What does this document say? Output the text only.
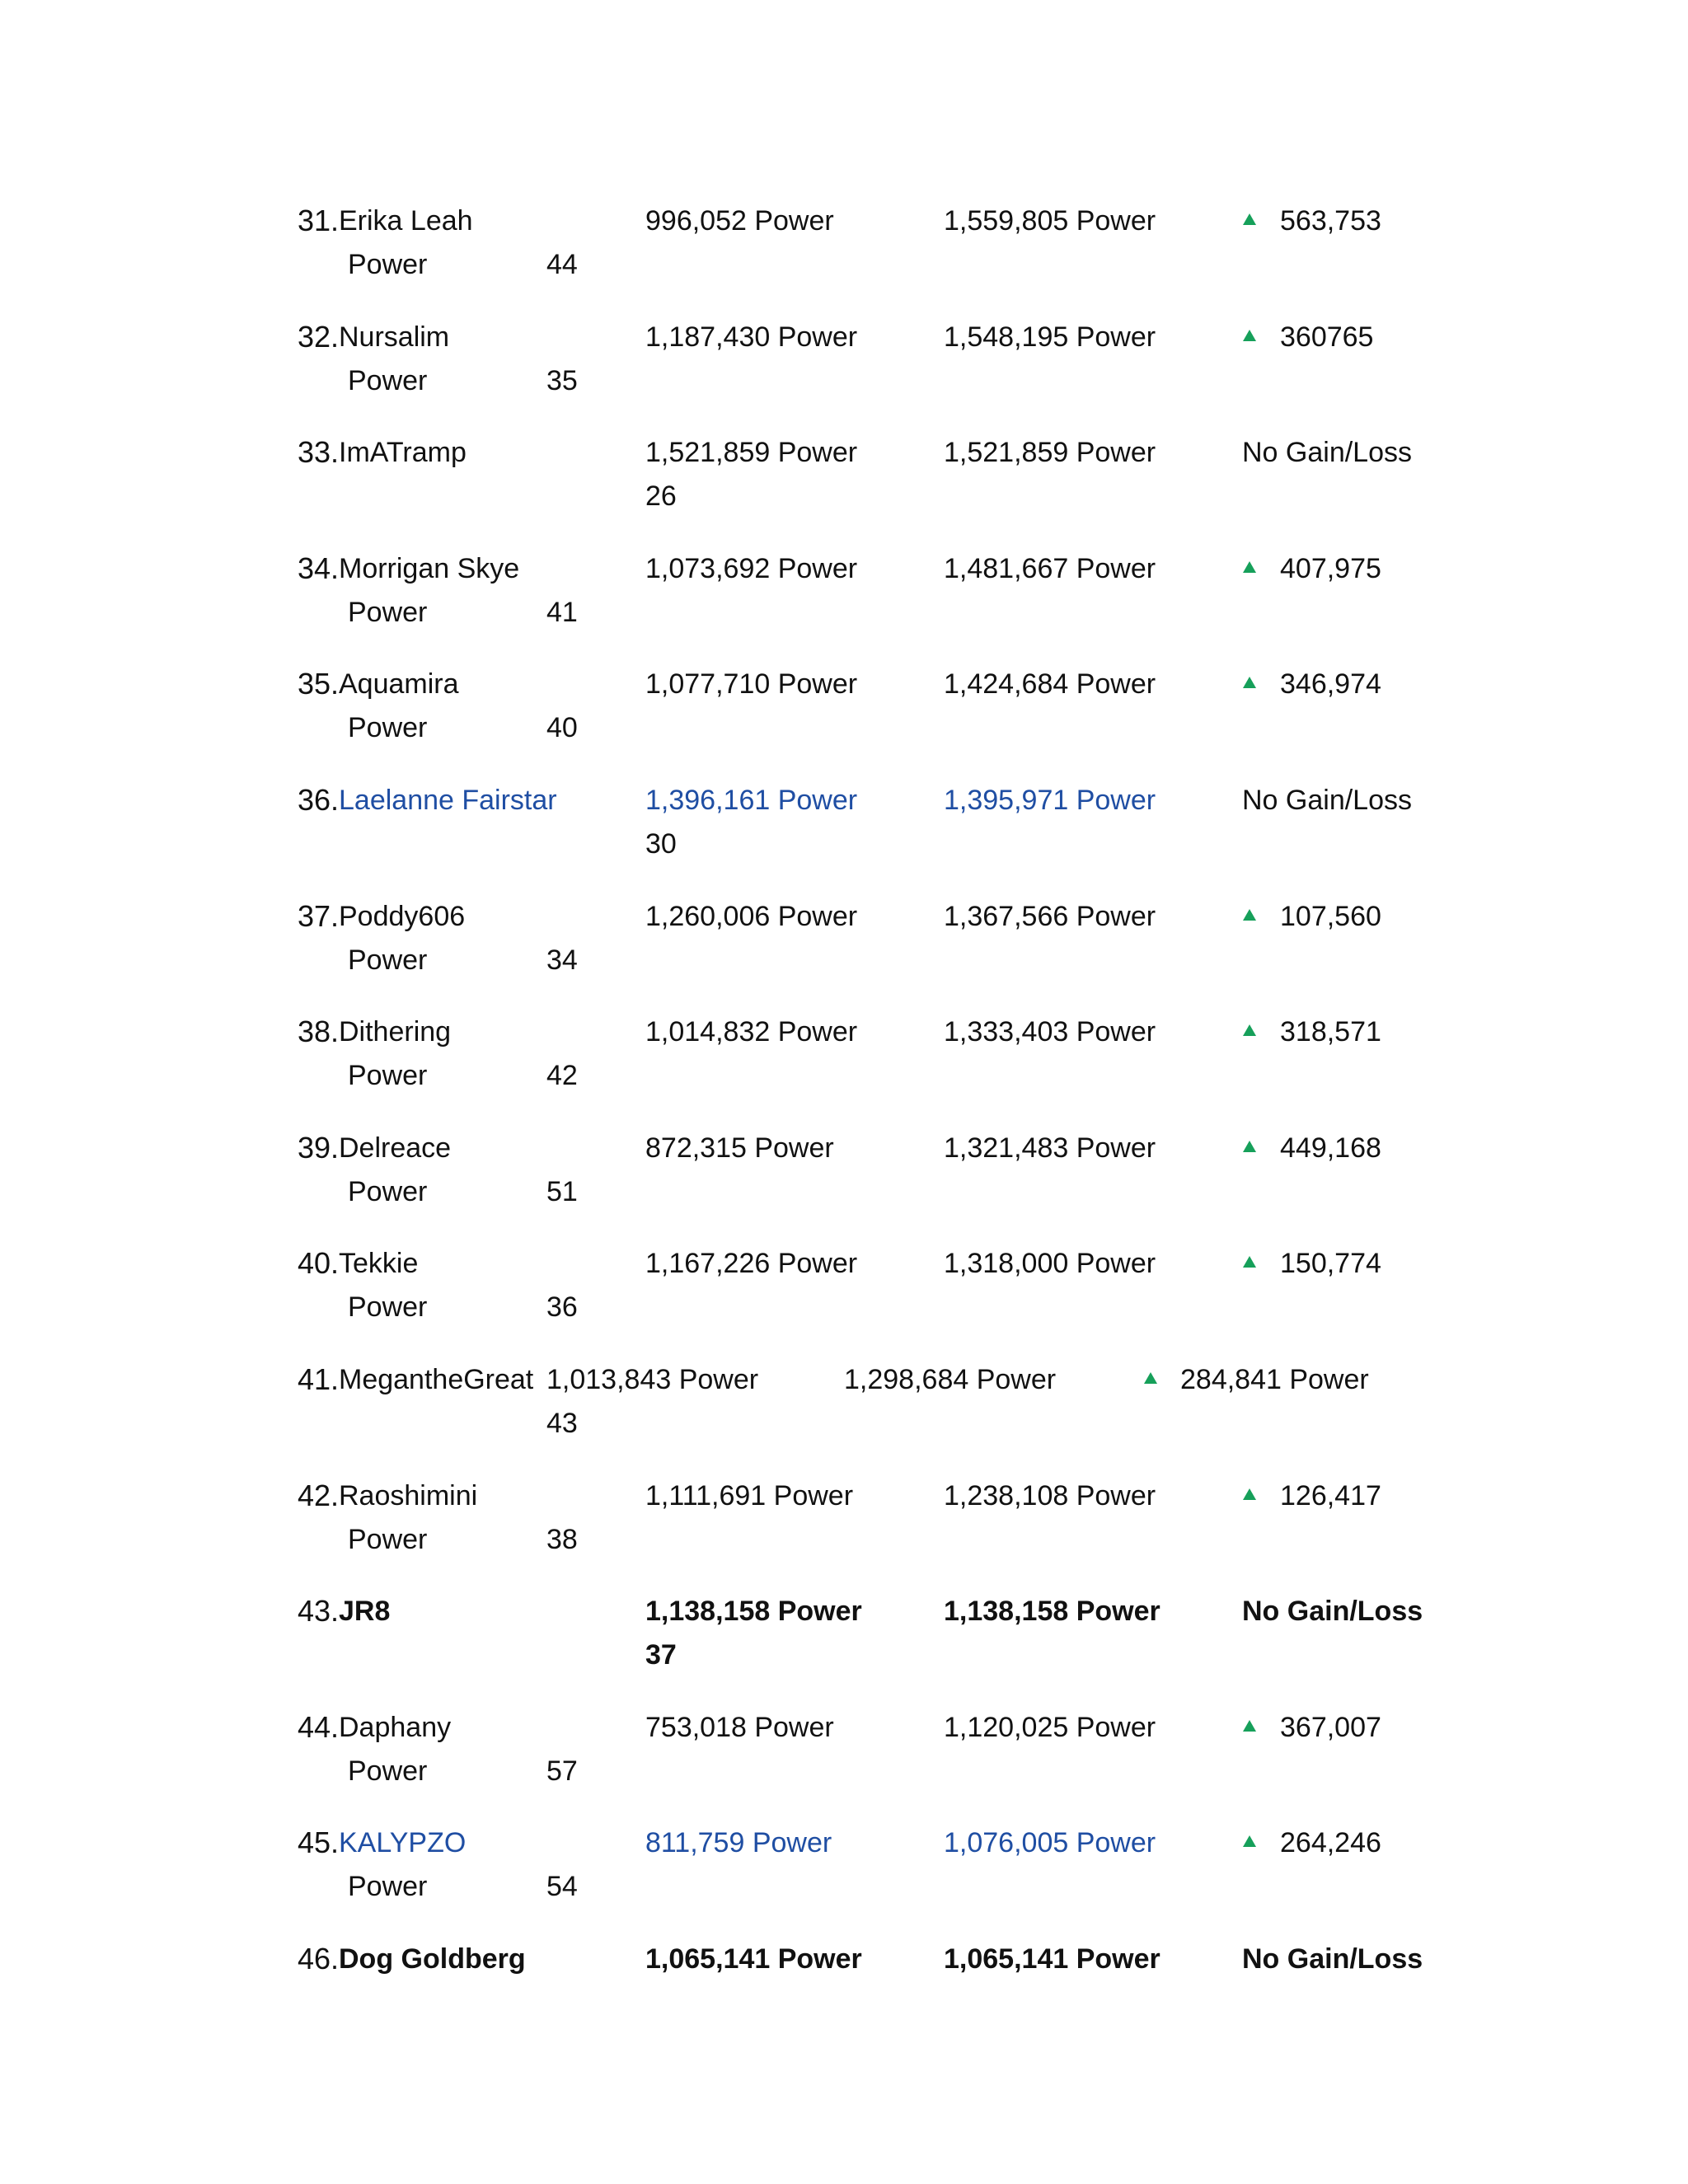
31. Erika Leah	996,052 Power	1,559,805 Power	563,753
Power	44
32. Nursalim	1,187,430 Power	1,548,195 Power	360765
Power	35
33. ImATramp	1,521,859 Power	1,521,859 Power	No Gain/Loss
26
34. Morrigan Skye	1,073,692 Power	1,481,667 Power	407,975
Power	41
35. Aquamira	1,077,710 Power	1,424,684 Power	346,974
Power	40
36. Laelanne Fairstar	1,396,161 Power	1,395,971 Power	No Gain/Loss
30
37. Poddy606	1,260,006 Power	1,367,566 Power	107,560
Power	34
38. Dithering	1,014,832 Power	1,333,403 Power	318,571
Power	42
39. Delreace	872,315 Power	1,321,483 Power	449,168
Power	51
40. Tekkie	1,167,226 Power	1,318,000 Power	150,774
Power	36
41. MegantheGreat 1,013,843 Power	1,298,684 Power	284,841 Power
43
42. Raoshimini	1,111,691 Power	1,238,108 Power	126,417
Power	38
43. JR8	1,138,158 Power	1,138,158 Power	No Gain/Loss
37
44. Daphany	753,018 Power	1,120,025 Power	367,007
Power	57
45. KALYPZO	811,759 Power	1,076,005 Power	264,246
Power	54
46. Dog Goldberg	1,065,141 Power	1,065,141 Power	No Gain/Loss
